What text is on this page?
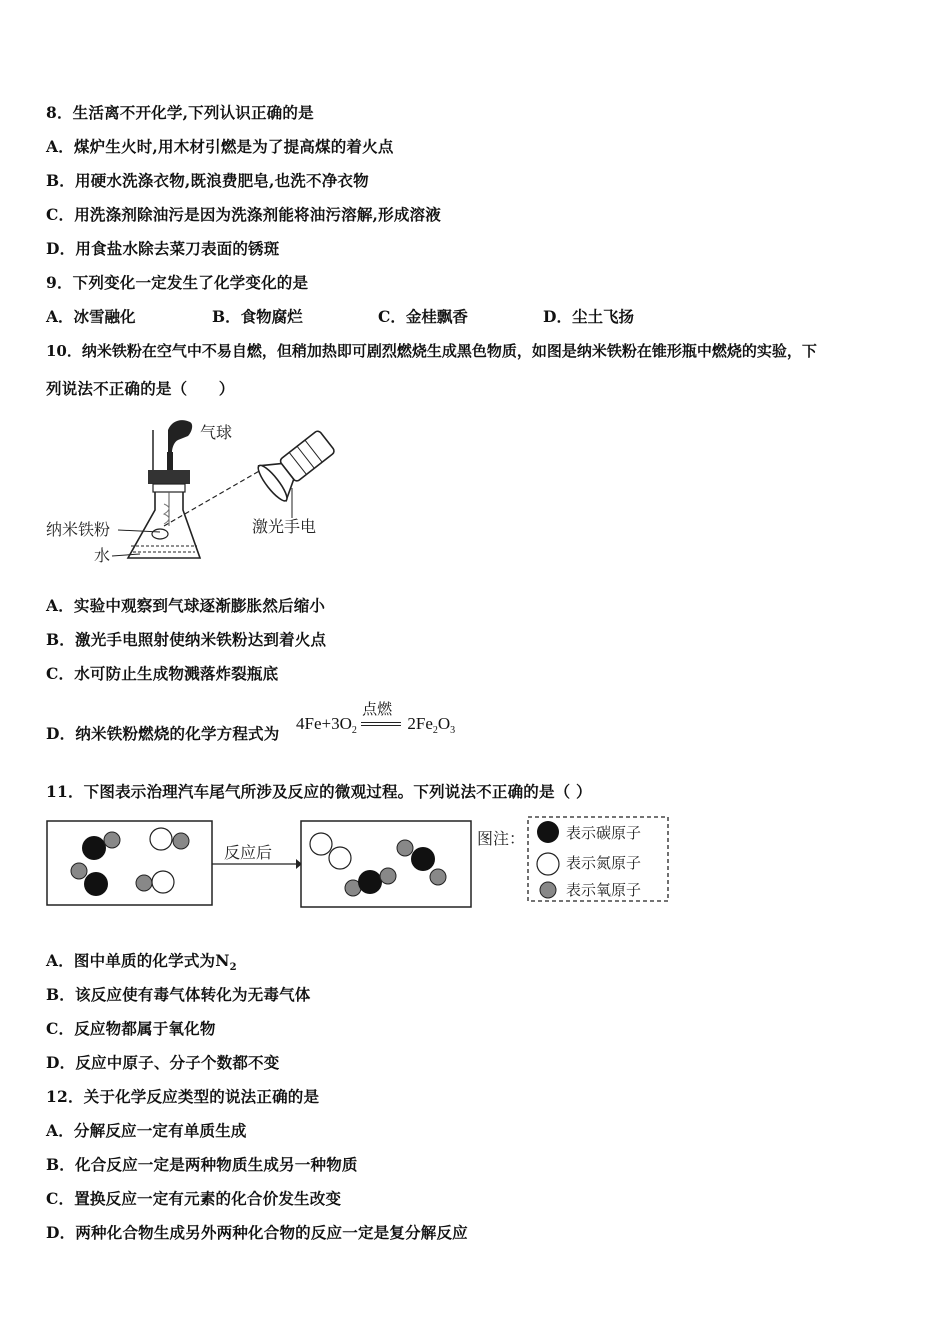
8．生活离不开化学,下列认识正确的是
A．煤炉生火时,用木材引燃是为了提高煤的着火点
B．用硬水洗涤衣物,既浪费肥皂,也洗不净衣物
C．用洗涤剂除油污是因为洗涤剂能将油污溶解,形成溶液
D．用食盐水除去菜刀表面的锈斑
9．下列变化一定发生了化学变化的是
A．冰雪融化	B．食物腐烂	C．金桂飘香	D．尘土飞扬
10．纳米铁粉在空气中不易自燃，但稍加热即可剧烈燃烧生成黑色物质，如图是纳米铁粉在锥形瓶中燃烧的实验，下
列说法不正确的是（　　）
气球
纳米铁粉
水
激光手电
A．实验中观察到气球逐渐膨胀然后缩小
B．激光手电照射使纳米铁粉达到着火点
C．水可防止生成物溅落炸裂瓶底
D．纳米铁粉燃烧的化学方程式为
$4Fe+3O_2$
点燃
$2Fe_2O_3$
11．下图表示治理汽车尾气所涉及反应的微观过程。下列说法不正确的是（ ）
反应后
图注：	表示碳原子
表示氮原子
表示氧原子
A．图中单质的化学式为$N_2$
B．该反应使有毒气体转化为无毒气体
C．反应物都属于氧化物
D．反应中原子、分子个数都不变
12．关于化学反应类型的说法正确的是
A．分解反应一定有单质生成
B．化合反应一定是两种物质生成另一种物质
C．置换反应一定有元素的化合价发生改变
D．两种化合物生成另外两种化合物的反应一定是复分解反应
